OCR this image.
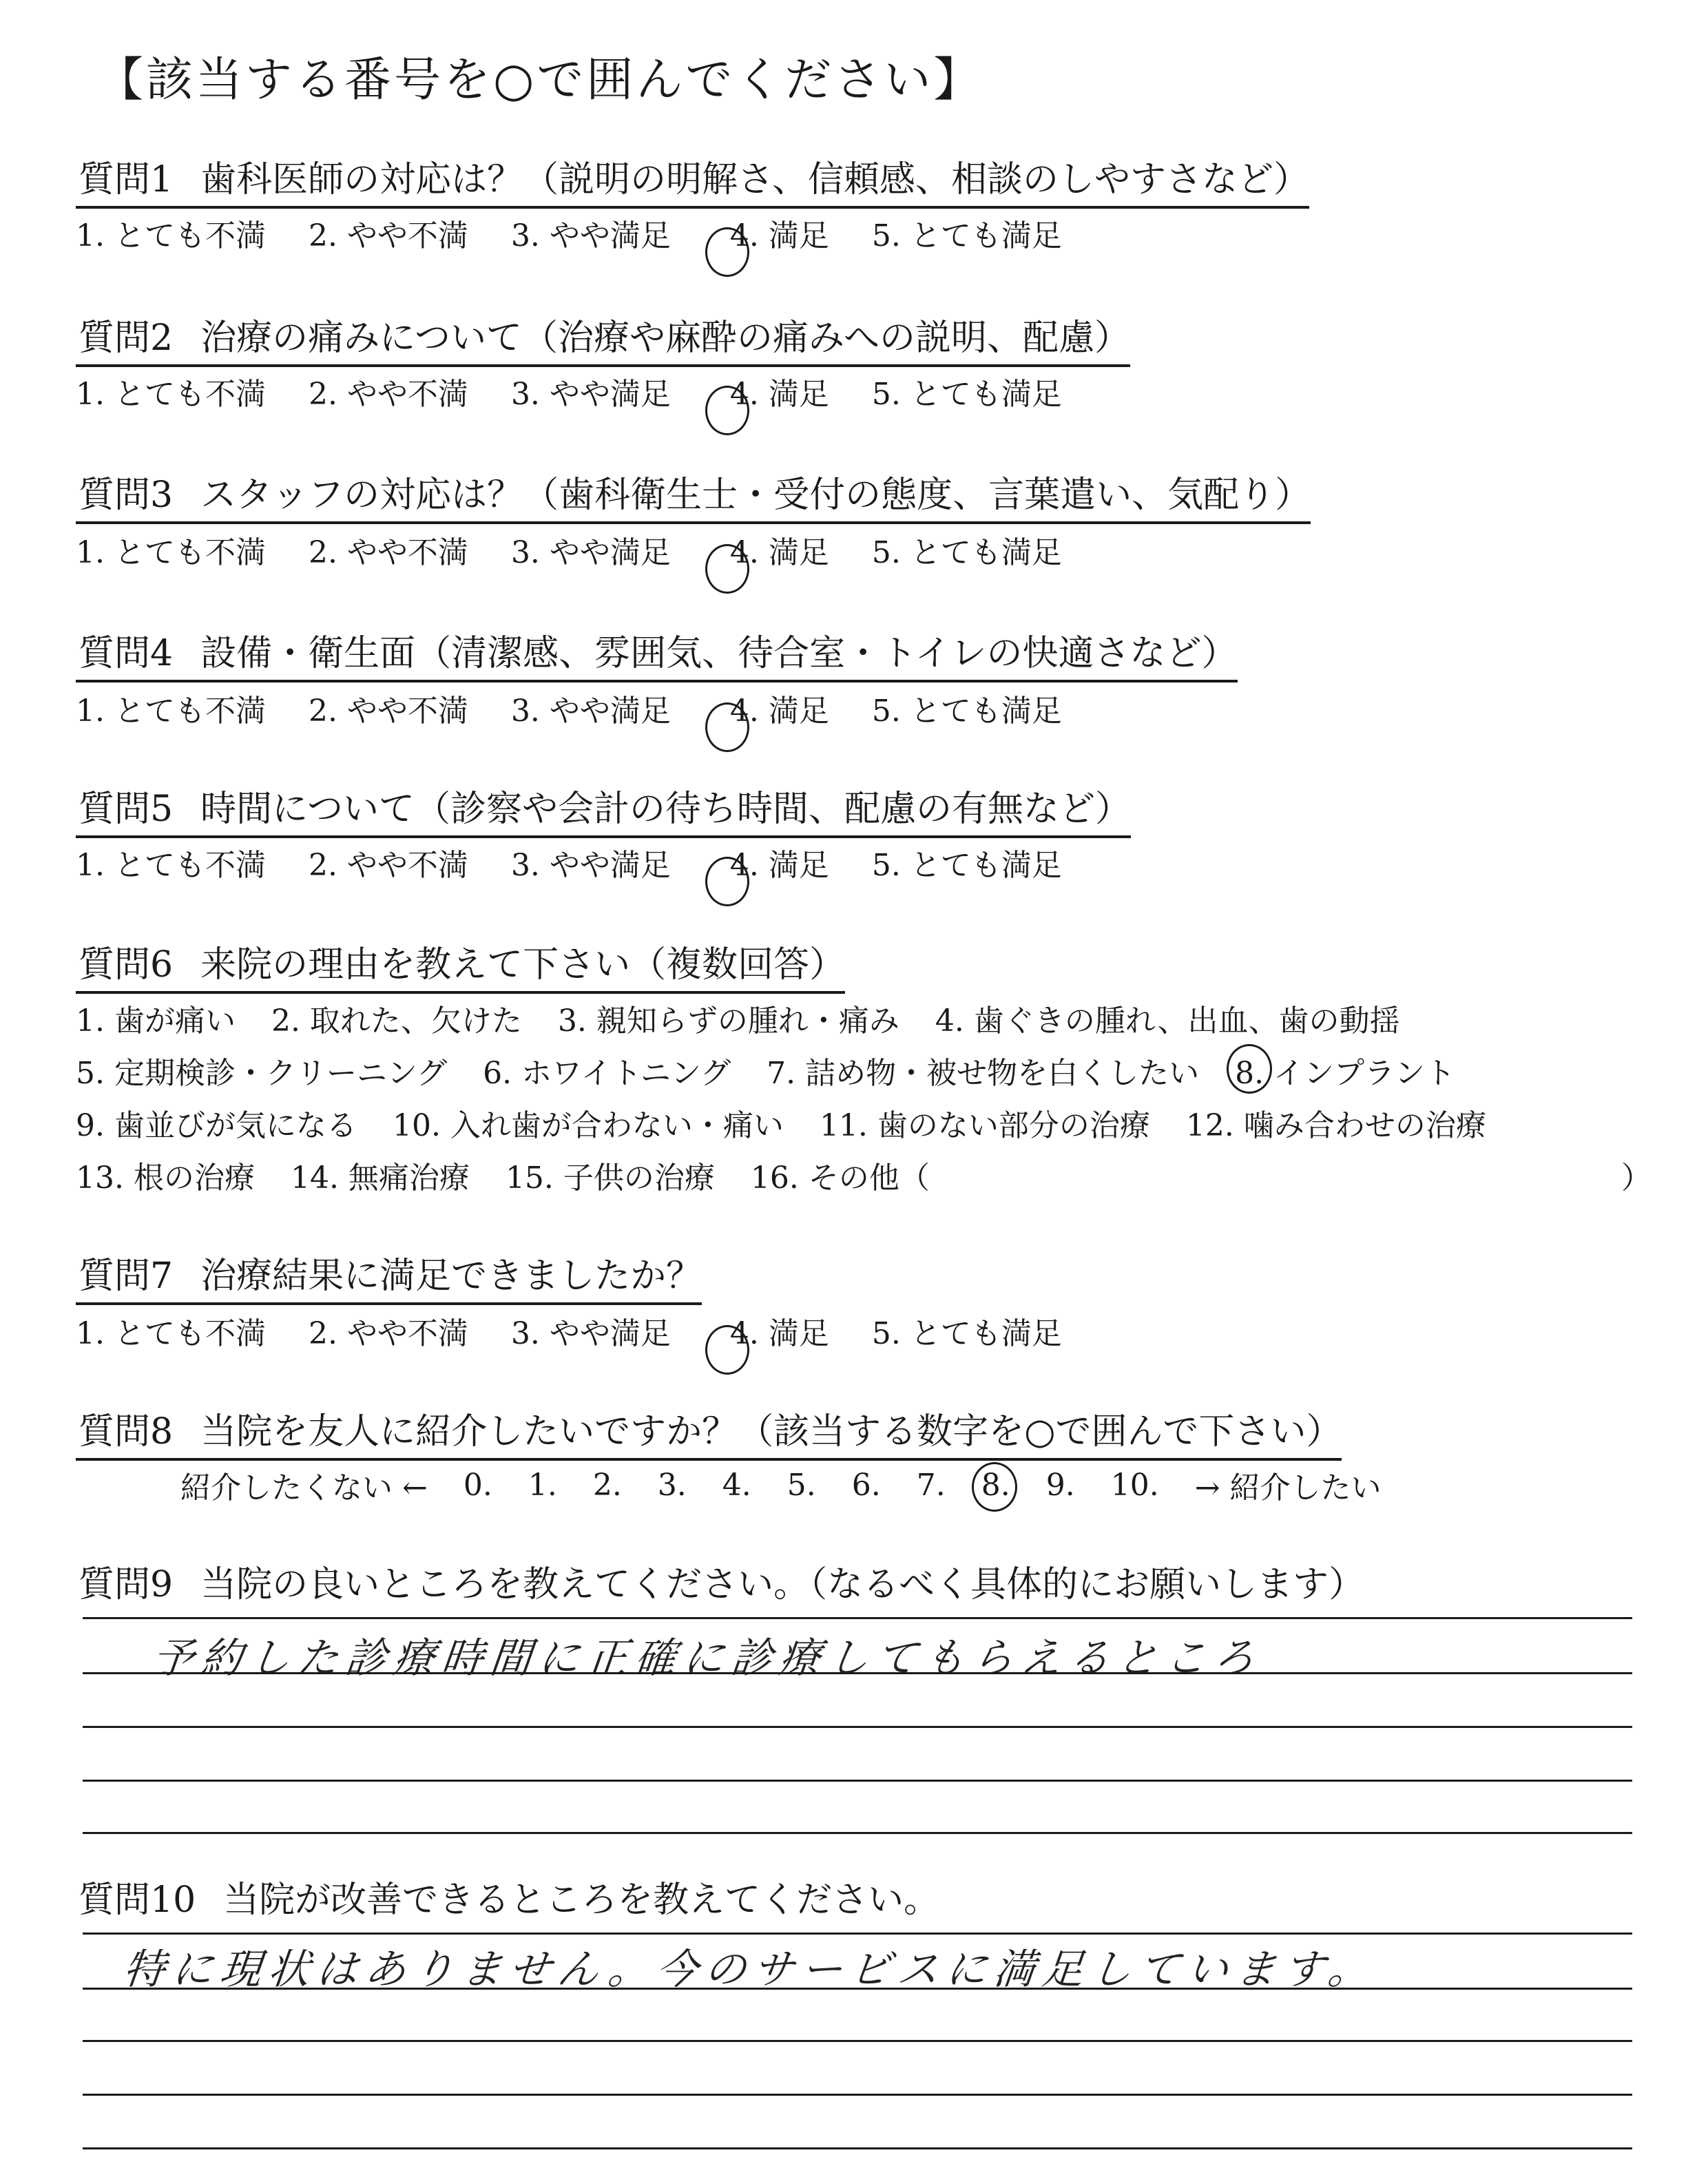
【該当する番号を○で囲んでください】
質問1 歯科医師の対応は？（説明の明解さ、信頼感、相談のしやすさなど）
1. とても不満 2. やや不満 3. やや満足 4. 満足 5. とても満足
質問2 治療の痛みについて（治療や麻酔の痛みへの説明、配慮）
1. とても不満 2. やや不満 3. やや満足 4. 満足 5. とても満足
質問3 スタッフの対応は？（歯科衛生士・受付の態度、言葉遣い、気配り）
1. とても不満 2. やや不満 3. やや満足 4. 満足 5. とても満足
質問4 設備・衛生面（清潔感、雰囲気、待合室・トイレの快適さなど）
1. とても不満 2. やや不満 3. やや満足 4. 満足 5. とても満足
質問5 時間について（診察や会計の待ち時間、配慮の有無など）
1. とても不満 2. やや不満 3. やや満足 4. 満足 5. とても満足
質問6 来院の理由を教えて下さい（複数回答）
1. 歯が痛い 2. 取れた、欠けた 3. 親知らずの腫れ・痛み 4. 歯ぐきの腫れ、出血、歯の動揺
5. 定期検診・クリーニング 6. ホワイトニング 7. 詰め物・被せ物を白くしたい 8. インプラント
9. 歯並びが気になる 10. 入れ歯が合わない・痛い 11. 歯のない部分の治療 12. 噛み合わせの治療
13. 根の治療 14. 無痛治療 15. 子供の治療 16. その他（	）
質問7 治療結果に満足できましたか？
1. とても不満 2. やや不満 3. やや満足 4. 満足 5. とても満足
質問8 当院を友人に紹介したいですか？（該当する数字を○で囲んで下さい）
紹介したくない ← 0. 1. 2. 3. 4. 5. 6. 7. 8. 9. 10. → 紹介したい
質問9 当院の良いところを教えてください。（なるべく具体的にお願いします）
予約した診療時間に正確に診療してもらえるところ
質問10 当院が改善できるところを教えてください。
特に現状はありません。今のサービスに満足しています。
